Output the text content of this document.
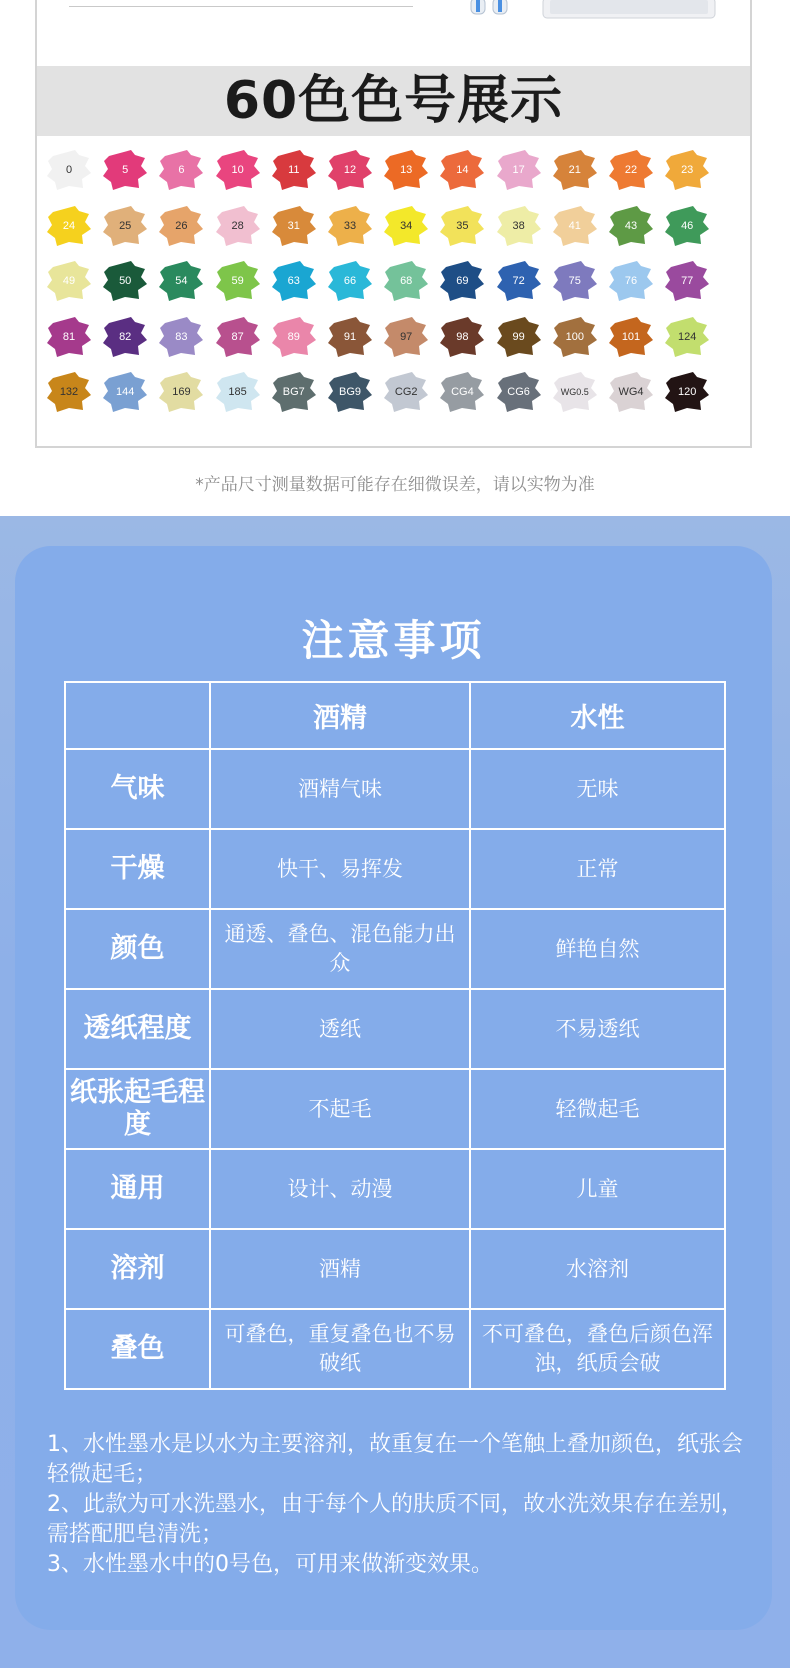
60色色号展示
0	5	6	10	11	12	13	14	17	21	22	23
24	25	26	28	31	33	34	35	38	41	43	46
49	50	54	59	63	66	68	69	72	75	76	77
81	82	83	87	89	91	97	98	99	100	101	124
132	144	169	185	BG7	BG9	CG2	CG4	CG6	WG0.5	WG4	120
*产品尺寸测量数据可能存在细微误差，请以实物为准
注意事项
	酒精	水性
气味	酒精气味	无味
干燥	快干、易挥发	正常
颜色	通透、叠色、混色能力出众	鲜艳自然
透纸程度	透纸	不易透纸
纸张起毛程度	不起毛	轻微起毛
通用	设计、动漫	儿童
溶剂	酒精	水溶剂
叠色	可叠色，重复叠色也不易破纸	不可叠色，叠色后颜色浑浊，纸质会破

1、水性墨水是以水为主要溶剂，故重复在一个笔触上叠加颜色，纸张会轻微起毛；

2、此款为可水洗墨水，由于每个人的肤质不同，故水洗效果存在差别，需搭配肥皂清洗；

3、水性墨水中的0号色，可用来做渐变效果。
